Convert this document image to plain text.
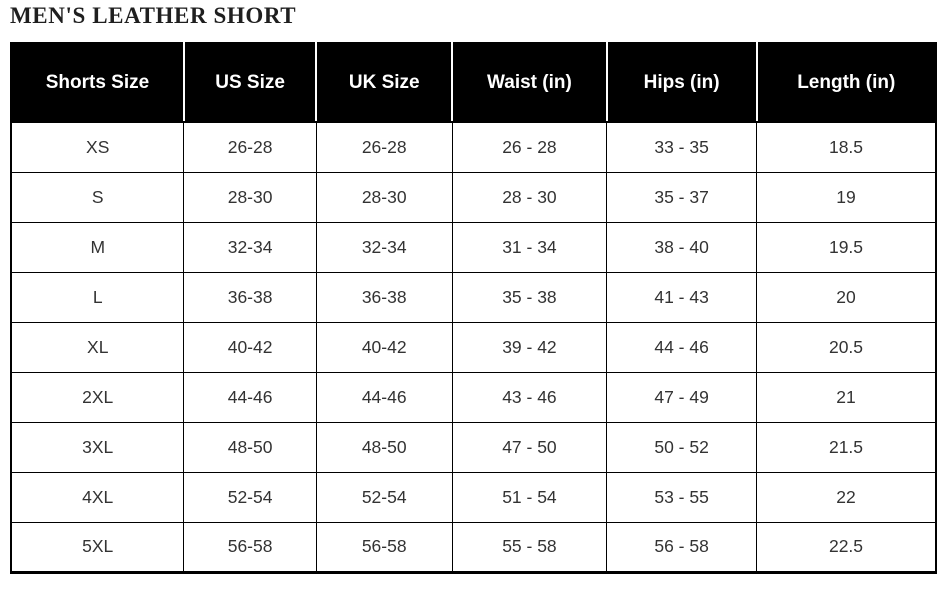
MEN'S LEATHER SHORT
Shorts Size	US Size	UK Size	Waist (in)	Hips (in)	Length (in)
XS	26-28	26-28	26 - 28	33 - 35	18.5
S	28-30	28-30	28 - 30	35 - 37	19
M	32-34	32-34	31 - 34	38 - 40	19.5
L	36-38	36-38	35 - 38	41 - 43	20
XL	40-42	40-42	39 - 42	44 - 46	20.5
2XL	44-46	44-46	43 - 46	47 - 49	21
3XL	48-50	48-50	47 - 50	50 - 52	21.5
4XL	52-54	52-54	51 - 54	53 - 55	22
5XL	56-58	56-58	55 - 58	56 - 58	22.5
